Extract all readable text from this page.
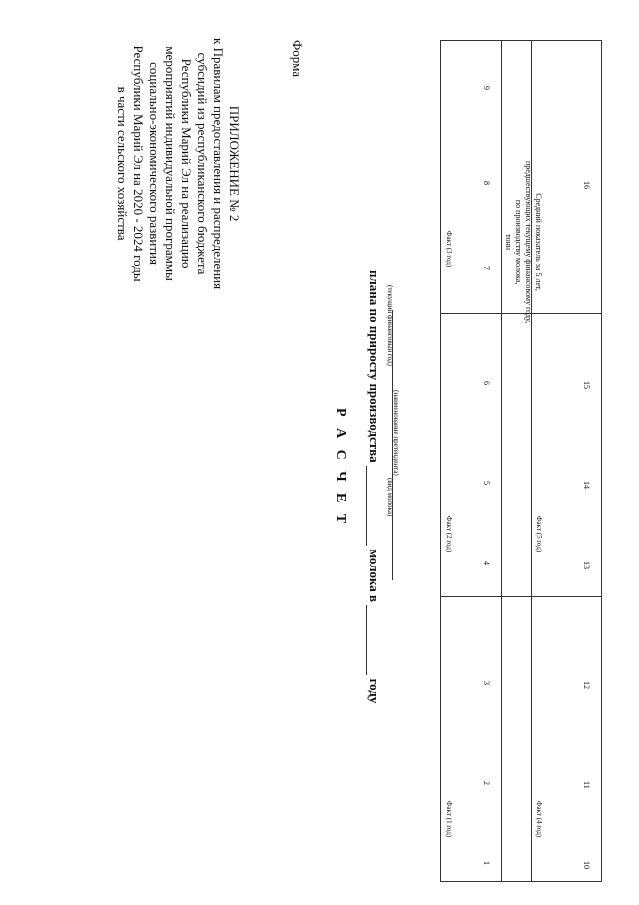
ПРИЛОЖЕНИЕ № 2
к Правилам предоставления и распределения
субсидий из республиканского бюджета
Республики Марий Эл на реализацию
мероприятий индивидуальной программы
социально-экономического развития
Республики Марий Эл на 2020 - 2024 годы
в части сельского хозяйства
Форма
Р А С Ч Е Т
плана по приросту производства  молока в  году
(вид молока)
(текущий финансовый год)
(наименование претендента)
Факт (1 год)
Факт (2 год)
Факт (3 год)
Факт (4 год)
Факт (5 год)
1
2
3
4
5
6
7
8
9
10
11
12
13
14
15
16
Средний показатель за 5 лет,
предшествующих текущему финансовому году,
по производству молока,
тонн
